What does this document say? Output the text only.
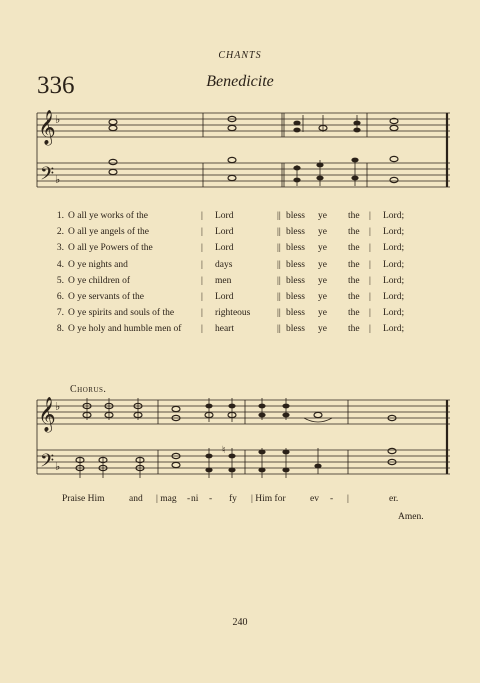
CHANTS
336	Benedicite
𝄞
𝄢
♭
♭
𝄞
𝄢
♭
♭
♮
1. O all ye works of the	| Lord	|| bless ye the | Lord;
2. O all ye angels of the	| Lord	|| bless ye the | Lord;
3. O all ye Powers of the	| Lord	|| bless ye the | Lord;
4. O ye nights and	| days	|| bless ye the | Lord;
5. O ye children of	| men	|| bless ye the | Lord;
6. O ye servants of the	| Lord	|| bless ye the | Lord;
7. O ye spirits and souls of the	| righteous	|| bless ye the | Lord;
8. O ye holy and humble men of | heart	|| bless ye the | Lord;
Chorus.
Praise Him	and | mag - ni - fy | Him for	ev - |	er.
Amen.
240
